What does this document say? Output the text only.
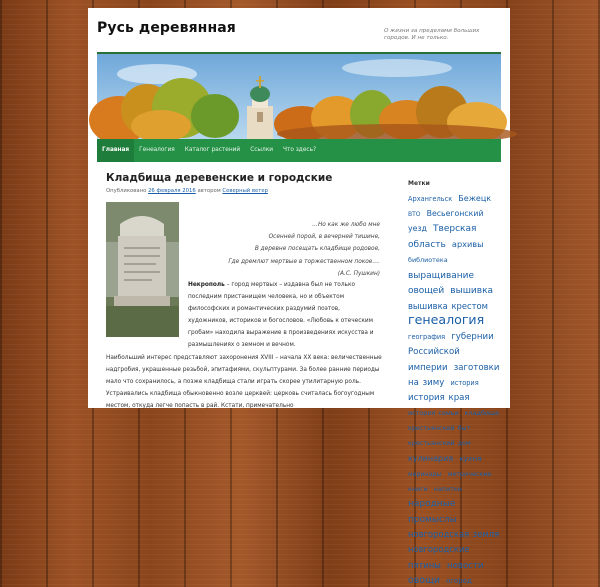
Русь деревянная	О жизни за пределами больших городов. И не только.
Главная	Генеалогия	Каталог растений	Ссылки	Что здесь?
Кладбища деревенские и городские
Опубликовано 26 февраля 2016 автором Северный ветер
…Но как же любо мне
Осенней порой, в вечерней тишине,
В деревне посещать кладбище родовое,
Где дремлют мертвые в торжественном покое….
(А.С. Пушкин)
Некрополь – город мертвых – издавна был не только последним пристанищем человека, но и объектом философских и романтических раздумий поэтов, художников, историков и богословов. «Любовь к отеческим гробам» находила выражение в произведениях искусства и размышлениях о земном и вечном.
Наибольший интерес представляют захоронения XVIII – начала XX века: величественные надгробия, украшенные резьбой, эпитафиями, скульптурами. За более ранние периоды мало что сохранилось, а позже кладбища стали играть скорее утилитарную роль. Устраивались кладбища обыкновенно возле церквей: церковь считалась богоугодным местом, откуда легче попасть в рай. Кстати, примечательно
Метки
Архангельск Бежецк ВТО Весьегонский уезд Тверская область архивы библиотека выращивание овощей вышивка вышивка крестом генеалогия география губернии Российской империи заготовки на зиму история история края история семьи кладбище крестьянский быт крестьянский дом кулинария кухня маринады метрические книги напитки народные промыслы новгородская земля новгородские пятины новости овощи огород
